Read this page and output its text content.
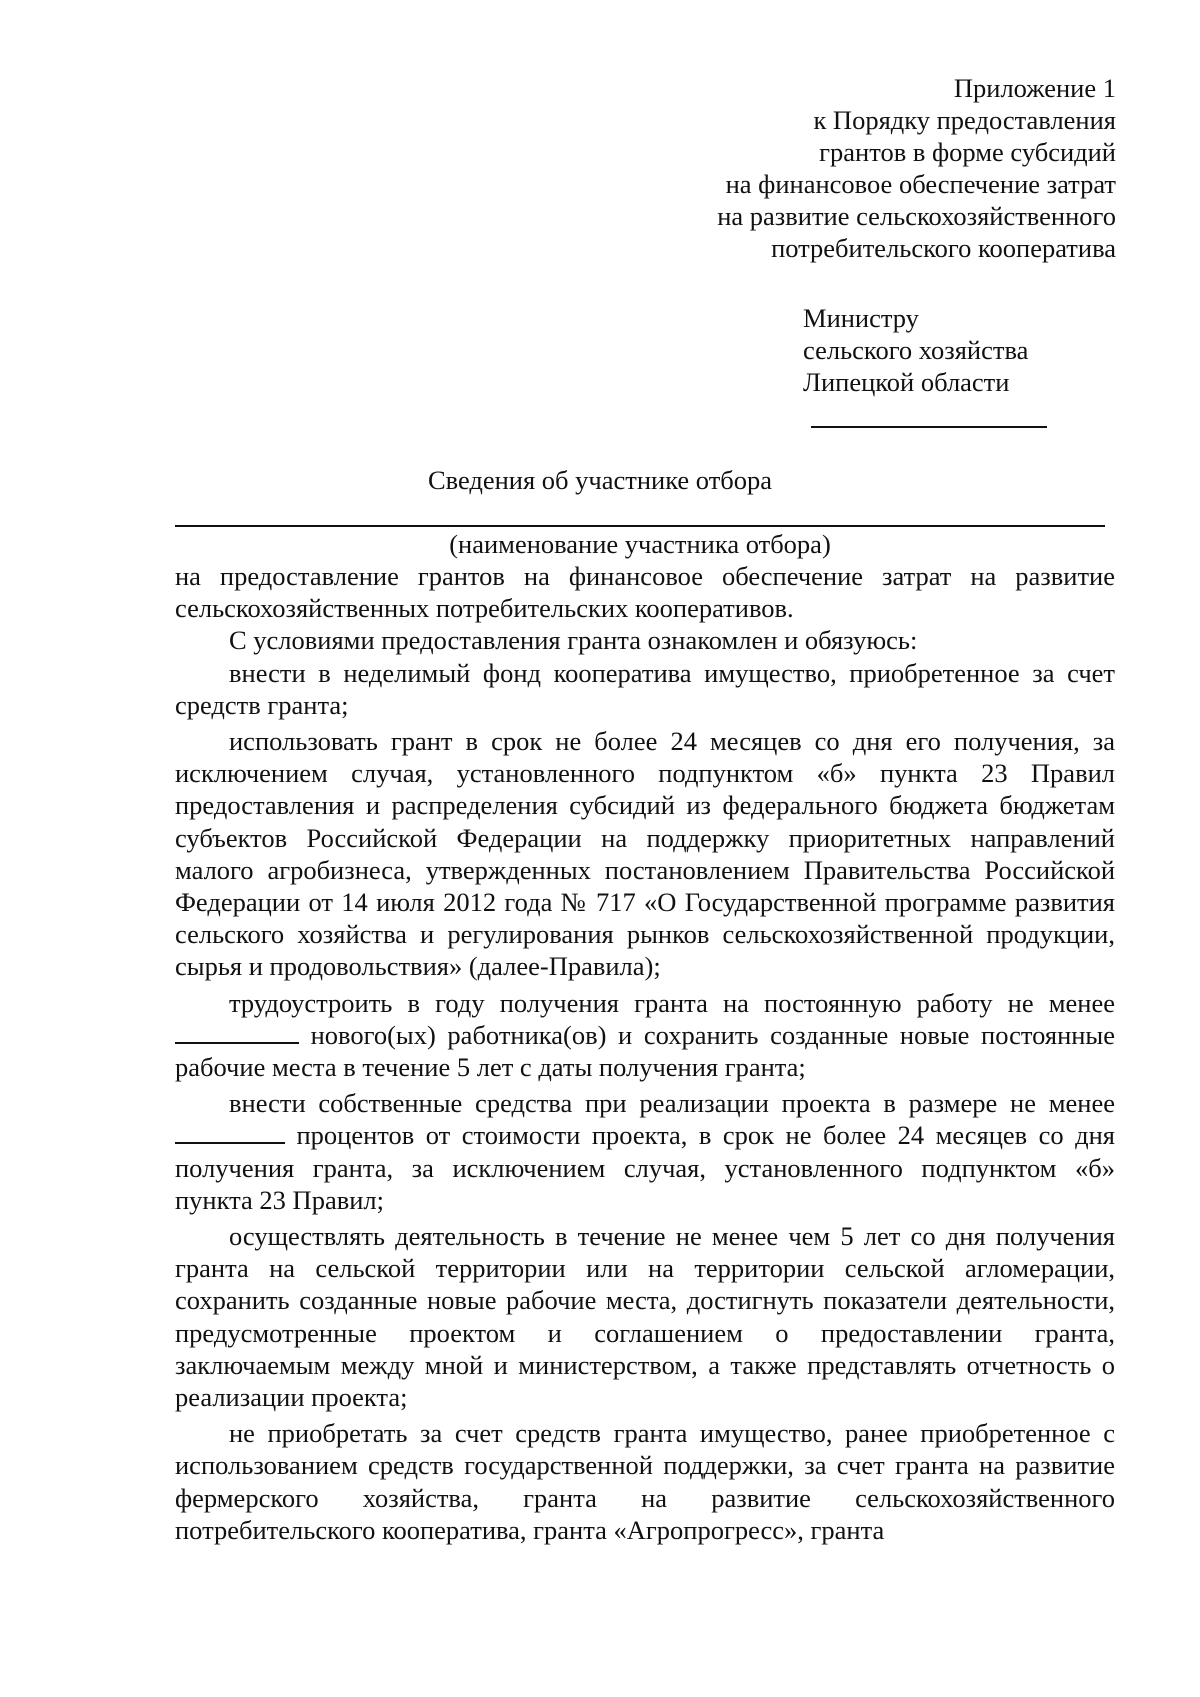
Приложение 1
к Порядку предоставления
грантов в форме субсидий
на финансовое обеспечение затрат
на развитие сельскохозяйственного
потребительского кооператива
Министру
сельского хозяйства
Липецкой области
Сведения об участнике отбора
(наименование участника отбора)

на предоставление грантов на финансовое обеспечение затрат на развитие сельскохозяйственных потребительских кооперативов.

С условиями предоставления гранта ознакомлен и обязуюсь:

внести в неделимый фонд кооператива имущество, приобретенное за счет средств гранта;

использовать грант в срок не более 24 месяцев со дня его получения, за исключением случая, установленного подпунктом «б» пункта 23 Правил предоставления и распределения субсидий из федерального бюджета бюджетам субъектов Российской Федерации на поддержку приоритетных направлений малого агробизнеса, утвержденных постановлением Правительства Российской Федерации от 14 июля 2012 года № 717 «О Государственной программе развития сельского хозяйства и регулирования рынков сельскохозяйственной продукции, сырья и продовольствия» (далее-Правила);

трудоустроить в году получения гранта на постоянную работу не менее  нового(ых) работника(ов) и сохранить созданные новые постоянные рабочие места в течение 5 лет с даты получения гранта;

внести собственные средства при реализации проекта в размере не менее  процентов от стоимости проекта, в срок не более 24 месяцев со дня получения гранта, за исключением случая, установленного подпунктом «б» пункта 23 Правил;

осуществлять деятельность в течение не менее чем 5 лет со дня получения гранта на сельской территории или на территории сельской агломерации, сохранить созданные новые рабочие места, достигнуть показатели деятельности, предусмотренные проектом и соглашением о предоставлении гранта, заключаемым между мной и министерством, а также представлять отчетность о реализации проекта;

не приобретать за счет средств гранта имущество, ранее приобретенное с использованием средств государственной поддержки, за счет гранта на развитие фермерского хозяйства, гранта на развитие сельскохозяйственного потребительского кооператива, гранта «Агропрогресс», гранта
